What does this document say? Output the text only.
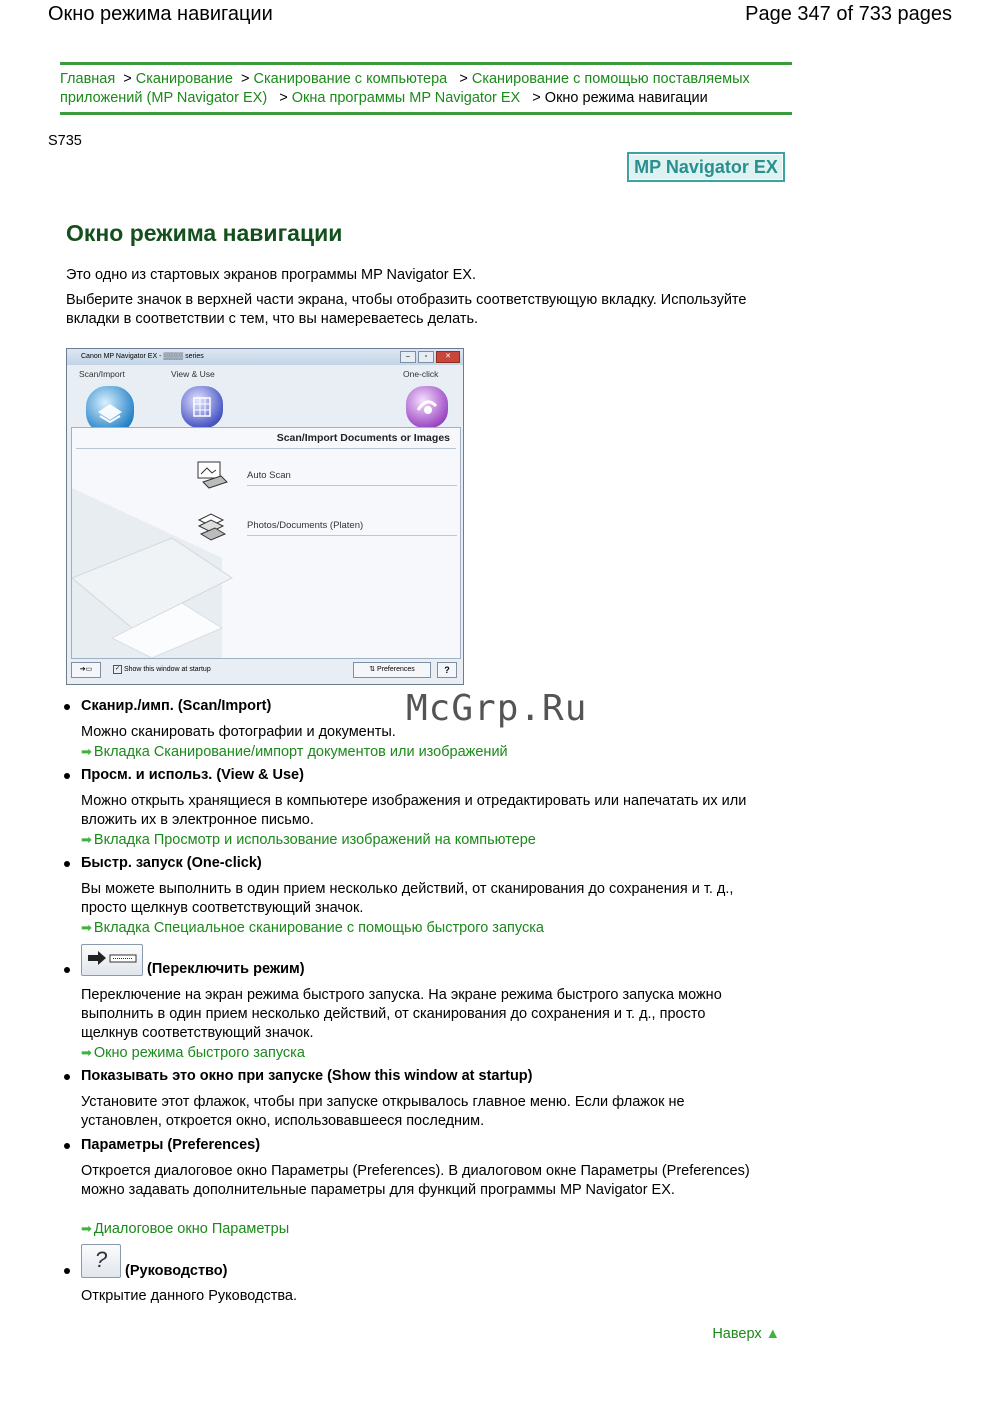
Окно режима навигации	Page 347 of 733 pages
Главная  > Сканирование  > Сканирование с компьютера   > Сканирование с помощью поставляемых приложений (MP Navigator EX)   > Окна программы MP Navigator EX   > Окно режима навигации
S735
MP Navigator EX
Окно режима навигации
Это одно из стартовых экранов программы MP Navigator EX.
Выберите значок в верхней части экрана, чтобы отобразить соответствующую вкладку. Используйте вкладки в соответствии с тем, что вы намереваетесь делать.
Canon MP Navigator EX - ▒▒▒▒ series	–	▫	✕
Scan/Import	View & Use	One-click
Scan/Import Documents or Images
Auto Scan
Photos/Documents (Platen)
➔▭	✓ Show this window at startup	⇅ Preferences	?
Сканир./имп. (Scan/Import)
Можно сканировать фотографии и документы.
➡ Вкладка Сканирование/импорт документов или изображений
Просм. и использ. (View & Use)
Можно открыть хранящиеся в компьютере изображения и отредактировать или напечатать их или вложить их в электронное письмо.
➡ Вкладка Просмотр и использование изображений на компьютере
Быстр. запуск (One-click)
Вы можете выполнить в один прием несколько действий, от сканирования до сохранения и т. д., просто щелкнув соответствующий значок.
➡ Вкладка Специальное сканирование с помощью быстрого запуска
(Переключить режим)
Переключение на экран режима быстрого запуска. На экране режима быстрого запуска можно выполнить в один прием несколько действий, от сканирования до сохранения и т. д., просто щелкнув соответствующий значок.
➡ Окно режима быстрого запуска
Показывать это окно при запуске (Show this window at startup)
Установите этот флажок, чтобы при запуске открывалось главное меню. Если флажок не установлен, откроется окно, использовавшееся последним.
Параметры (Preferences)
Откроется диалоговое окно Параметры (Preferences). В диалоговом окне Параметры (Preferences) можно задавать дополнительные параметры для функций программы MP Navigator EX.
➡ Диалоговое окно Параметры
?	(Руководство)
Открытие данного Руководства.
Наверх ▲
McGrp.Ru
